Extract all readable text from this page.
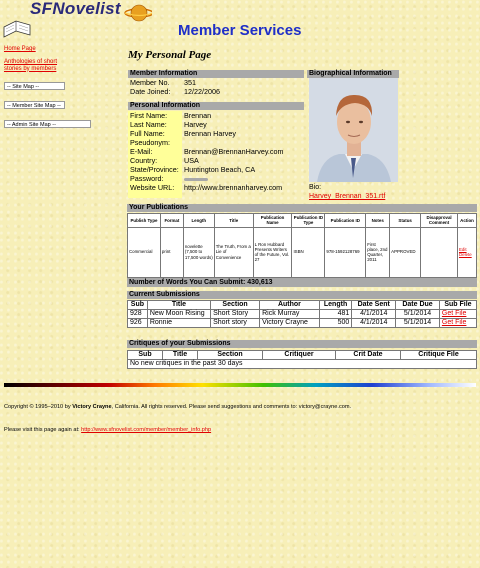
SFNovelist
Member Services
Home Page
Anthologies of short stories by members
-- Site Map --
-- Member Site Map --
-- Admin Site Map --
My Personal Page
Member Information
Member No. 351
Date Joined: 12/22/2006
Personal Information
First Name: Brennan
Last Name: Harvey
Full Name:	Brennan Harvey
Pseudonym:
E-Mail:	Brennan@BrennanHarvey.com
Country:	USA
State/Province: Huntington Beach, CA
Password:
Website URL: http://www.brennanharvey.com
Biographical Information
Bio:
Harvey_Brennan_351.rtf
Your Publications
Publish Type	Format	Length	Title	Publication Name	Publication ID Type	Publication ID	Notes	Status	Disapproval Comment	Action
Commercial	print	novelette (7,500 to 17,500 words)	The Truth, From a Lie of Convenience	L Ron Hubbard Presents Writers of the Future, Vol. 27	ISBN	978-1592128769	First place, 2nd Quarter, 2011	APPROVED		Edit
Delete
Number of Words You Can Submit: 430,613
Current Submissions
Sub	Title	Section	Author	Length	Date Sent	Date Due	Sub File
928	New Moon Rising	Short Story	Rick Murray	481	4/1/2014	5/1/2014	Get File
926	Ronnie	Short story	Victory Crayne	500	4/1/2014	5/1/2014	Get File
Critiques of your Submissions
Sub	Title	Section	Critiquer	Crit Date	Critique File
No new critiques in the past 30 days
Copyright © 1995–2010 by Victory Crayne, California. All rights reserved. Please send suggestions and comments to: victory@crayne.com.
Please visit this page again at: http://www.sfnovelist.com/member/member_info.php
